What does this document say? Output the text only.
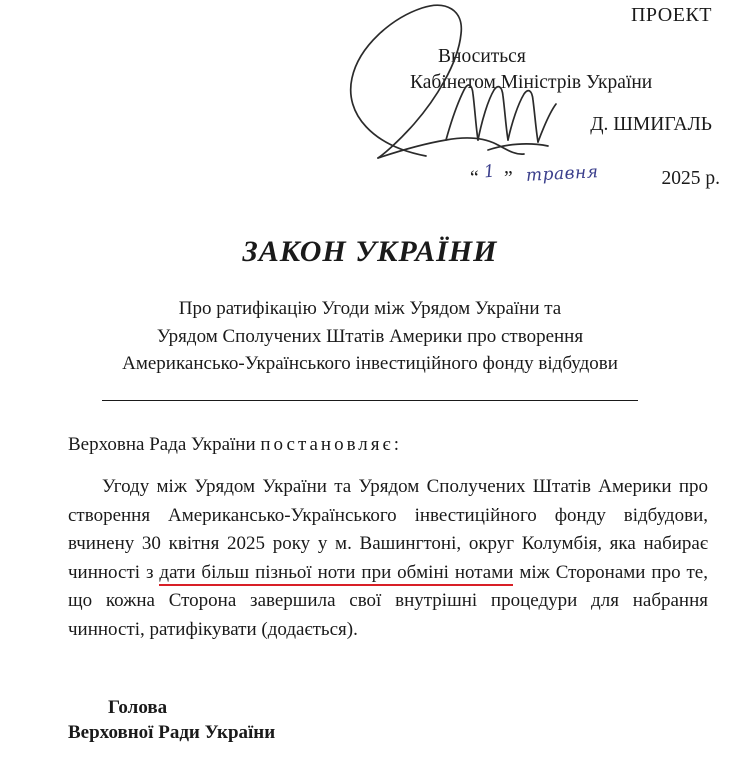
ПРОЕКТ
Вноситься
Кабінетом Міністрів України
Д. ШМИГАЛЬ
“ 1 ” травня	2025 р.
ЗАКОН УКРАЇНИ
Про ратифікацію Угоди між Урядом України та
Урядом Сполучених Штатів Америки про створення
Американсько-Українського інвестиційного фонду відбудови

Верховна Рада України постановляє:

Угоду між Урядом України та Урядом Сполучених Штатів Америки про створення Американсько-Українського інвестиційного фонду відбудови, вчинену 30 квітня 2025 року у м. Вашингтоні, округ Колумбія, яка набирає чинності з дати більш пізньої ноти при обміні нотами між Сторонами про те, що кожна Сторона завершила свої внутрішні процедури для набрання чинності, ратифікувати (додається).

Голова
Верховної Ради України
